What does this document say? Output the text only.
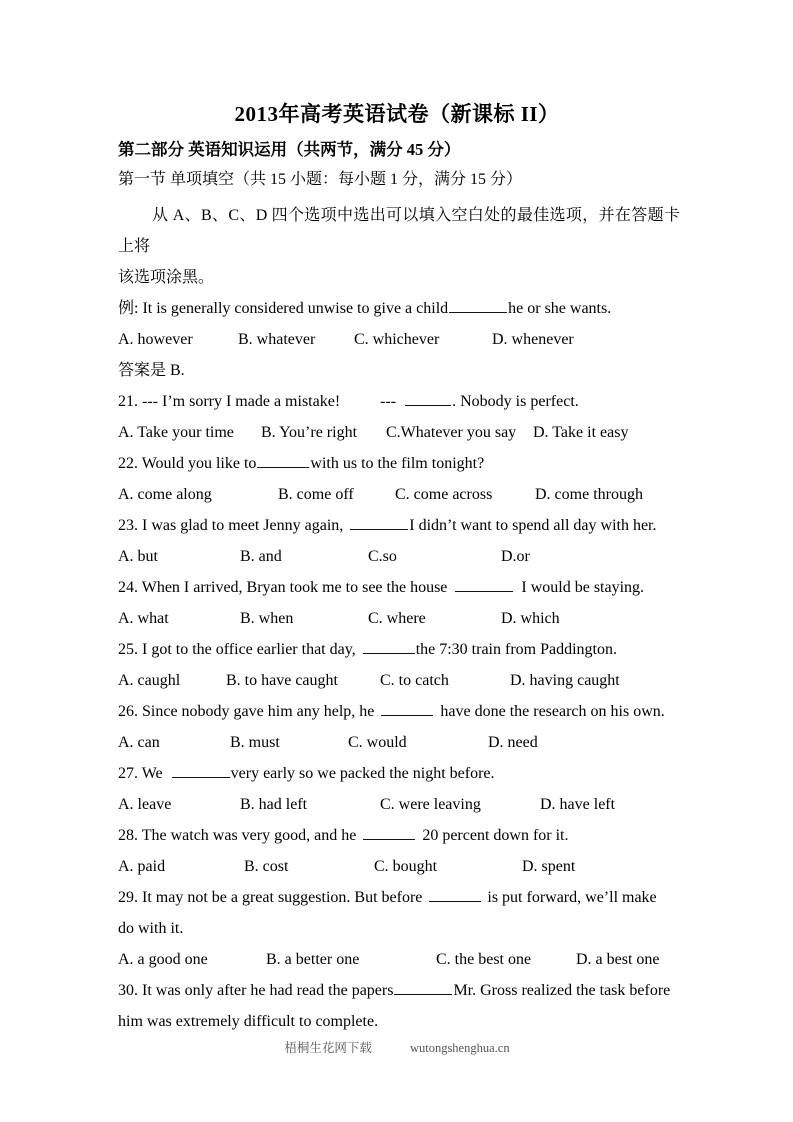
2013年高考英语试卷（新课标 II）
第二部分 英语知识运用（共两节，满分 45 分）
第一节 单项填空（共 15 小题：每小题 1 分，满分 15 分）

从 A、B、C、D 四个选项中选出可以填入空白处的最佳选项，并在答题卡上将

该选项涂黑。

例: It is generally considered unwise to give a child	he or she wants.

A. however	B. whatever	C. whichever	D. whenever

答案是 B.

21. --- I’m sorry I made a mistake!	---	. Nobody is perfect.

A. Take your time	B. You’re right	C.Whatever you say	D. Take it easy

22. Would you like to	with us to the film tonight?

A. come along	B. come off	C. come across	D. come through

23. I was glad to meet Jenny again,	I didn’t want to spend all day with her.

A. but	B. and	C.so	D.or

24. When I arrived, Bryan took me to see the house	I would be staying.

A. what	B. when	C. where	D. which

25. I got to the office earlier that day,	the 7:30 train from Paddington.

A. caughl	B. to have caught	C. to catch	D. having caught

26. Since nobody gave him any help, he	have done the research on his own.

A. can	B. must	C. would	D. need

27. We	very early so we packed the night before.

A. leave	B. had left	C. were leaving	D. have left

28. The watch was very good, and he	20 percent down for it.

A. paid	B. cost	C. bought	D. spent

29. It may not be a great suggestion. But before	is put forward, we’ll make

do with it.

A. a good one	B. a better one	C. the best one	D. a best one

30. It was only after he had read the papers	Mr. Gross realized the task before

him was extremely difficult to complete.

梧桐生花网下载	wutongshenghua.cn
